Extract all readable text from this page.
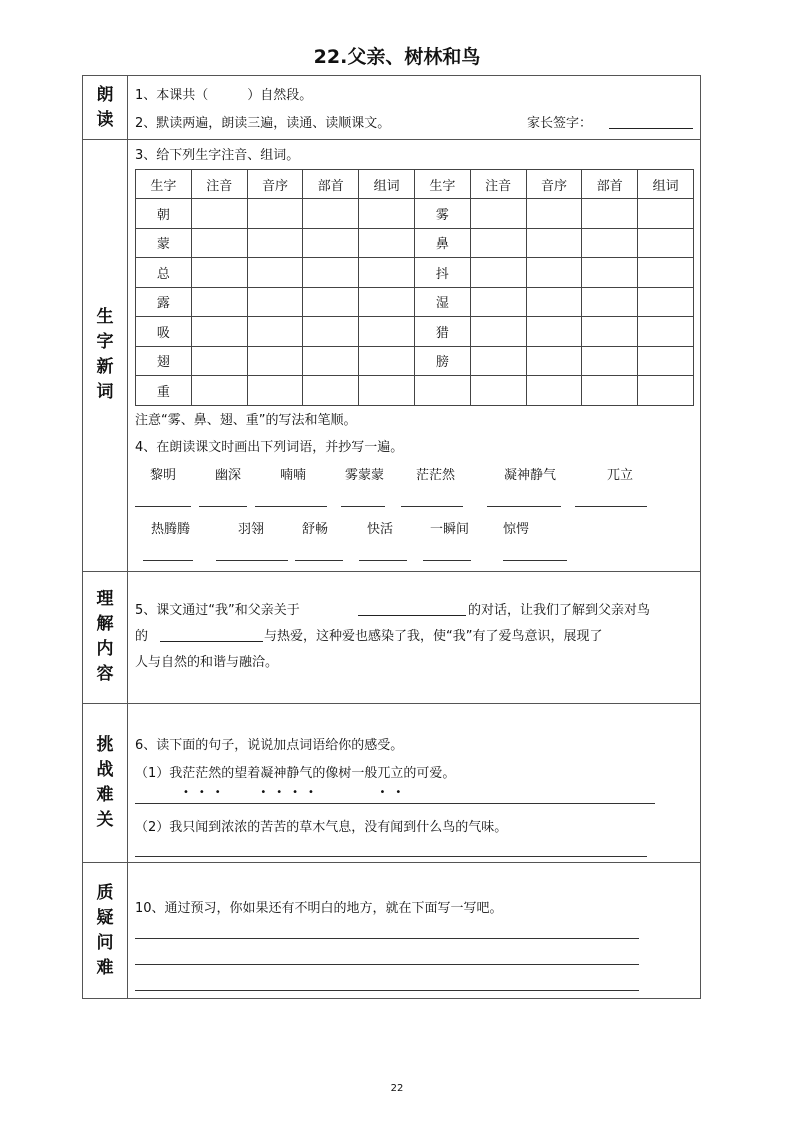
22.父亲、树林和鸟
朗
读
1、本课共（　　　）自然段。
2、默读两遍，朗读三遍，读通、读顺课文。	家长签字：
生
字
新
词
3、给下列生字注音、组词。
生字	注音	音序	部首	组词	生字	注音	音序	部首	组词
朝					雾				
蒙					鼻				
总					抖				
露					湿				
吸					猎				
翅					膀				
重									
注意“雾、鼻、翅、重”的写法和笔顺。
4、在朗读课文时画出下列词语，并抄写一遍。
黎明	幽深	喃喃	雾蒙蒙 茫茫然	凝神静气	兀立
热腾腾	羽翎	舒畅	快活	一瞬间	惊愕
理
解
内
容
5、课文通过“我”和父亲关于	的对话，让我们了解到父亲对鸟
的	与热爱，这种爱也感染了我，使“我”有了爱鸟意识，展现了
人与自然的和谐与融洽。
挑
战
难
关
6、读下面的句子，说说加点词语给你的感受。
（1）我茫茫然
•　•　•
的望着凝神静气
•　•　•　•
的像树一般兀立
•　•
的可爱。
（2）我只闻到浓浓的苦苦的草木气息，没有闻到什么鸟的气味。
质
疑
问
难
10、通过预习，你如果还有不明白的地方，就在下面写一写吧。
22
